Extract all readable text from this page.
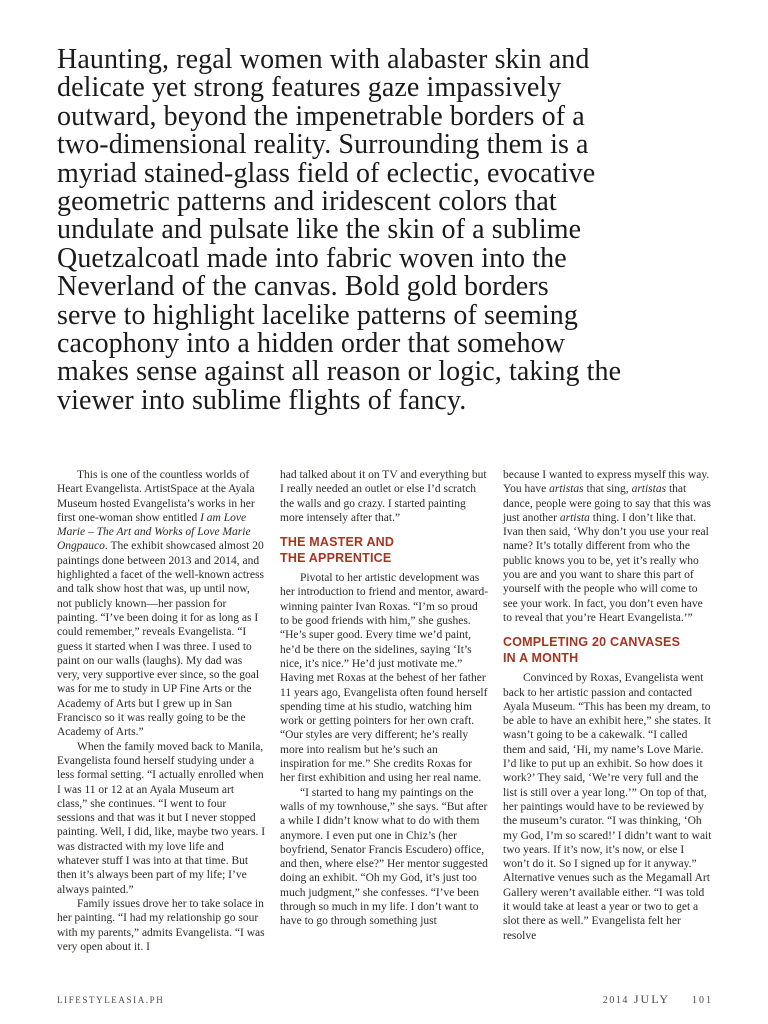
Haunting, regal women with alabaster skin and
delicate yet strong features gaze impassively
outward, beyond the impenetrable borders of a
two-dimensional reality. Surrounding them is a
myriad stained-glass field of eclectic, evocative
geometric patterns and iridescent colors that
undulate and pulsate like the skin of a sublime
Quetzalcoatl made into fabric woven into the
Neverland of the canvas. Bold gold borders
serve to highlight lacelike patterns of seeming
cacophony into a hidden order that somehow
makes sense against all reason or logic, taking the
viewer into sublime flights of fancy.

This is one of the countless worlds of Heart Evangelista. ArtistSpace at the Ayala Museum hosted Evangelista’s works in her first one-woman show entitled I am Love Marie – The Art and Works of Love Marie Ongpauco. The exhibit showcased almost 20 paintings done between 2013 and 2014, and highlighted a facet of the well-known actress and talk show host that was, up until now, not publicly known—her passion for painting. “I’ve been doing it for as long as I could remember,” reveals Evangelista. “I guess it started when I was three. I used to paint on our walls (laughs). My dad was very, very supportive ever since, so the goal was for me to study in UP Fine Arts or the Academy of Arts but I grew up in San Francisco so it was really going to be the Academy of Arts.”

When the family moved back to Manila, Evangelista found herself studying under a less formal setting. “I actually enrolled when I was 11 or 12 at an Ayala Museum art class,” she continues. “I went to four sessions and that was it but I never stopped painting. Well, I did, like, maybe two years. I was distracted with my love life and whatever stuff I was into at that time. But then it’s always been part of my life; I’ve always painted.”

Family issues drove her to take solace in her painting. “I had my relationship go sour with my parents,” admits Evangelista. “I was very open about it. I

had talked about it on TV and everything but I really needed an outlet or else I’d scratch the walls and go crazy. I started painting more intensely after that.”

THE MASTER AND
THE APPRENTICE

Pivotal to her artistic development was her introduction to friend and mentor, award-winning painter Ivan Roxas. “I’m so proud to be good friends with him,” she gushes. “He’s super good. Every time we’d paint, he’d be there on the sidelines, saying ‘It’s nice, it’s nice.” He’d just motivate me.” Having met Roxas at the behest of her father 11 years ago, Evangelista often found herself spending time at his studio, watching him work or getting pointers for her own craft. “Our styles are very different; he’s really more into realism but he’s such an inspiration for me.” She credits Roxas for her first exhibition and using her real name.

“I started to hang my paintings on the walls of my townhouse,” she says. “But after a while I didn’t know what to do with them anymore. I even put one in Chiz’s (her boyfriend, Senator Francis Escudero) office, and then, where else?” Her mentor suggested doing an exhibit. “Oh my God, it’s just too much judgment,” she confesses. “I’ve been through so much in my life. I don’t want to have to go through something just

because I wanted to express myself this way. You have artistas that sing, artistas that dance, people were going to say that this was just another artista thing. I don’t like that. Ivan then said, ‘Why don’t you use your real name? It’s totally different from who the public knows you to be, yet it’s really who you are and you want to share this part of yourself with the people who will come to see your work. In fact, you don’t even have to reveal that you’re Heart Evangelista.’”

COMPLETING 20 CANVASES
IN A MONTH

Convinced by Roxas, Evangelista went back to her artistic passion and contacted Ayala Museum. “This has been my dream, to be able to have an exhibit here,” she states. It wasn’t going to be a cakewalk. “I called them and said, ‘Hi, my name’s Love Marie. I’d like to put up an exhibit. So how does it work?’ They said, ‘We’re very full and the list is still over a year long.’” On top of that, her paintings would have to be reviewed by the museum’s curator. “I was thinking, ‘Oh my God, I’m so scared!’ I didn’t want to wait two years. If it’s now, it’s now, or else I won’t do it. So I signed up for it anyway.” Alternative venues such as the Megamall Art Gallery weren’t available either. “I was told it would take at least a year or two to get a slot there as well.” Evangelista felt her resolve

LIFESTYLEASIA.PH	2014 JULY 101
